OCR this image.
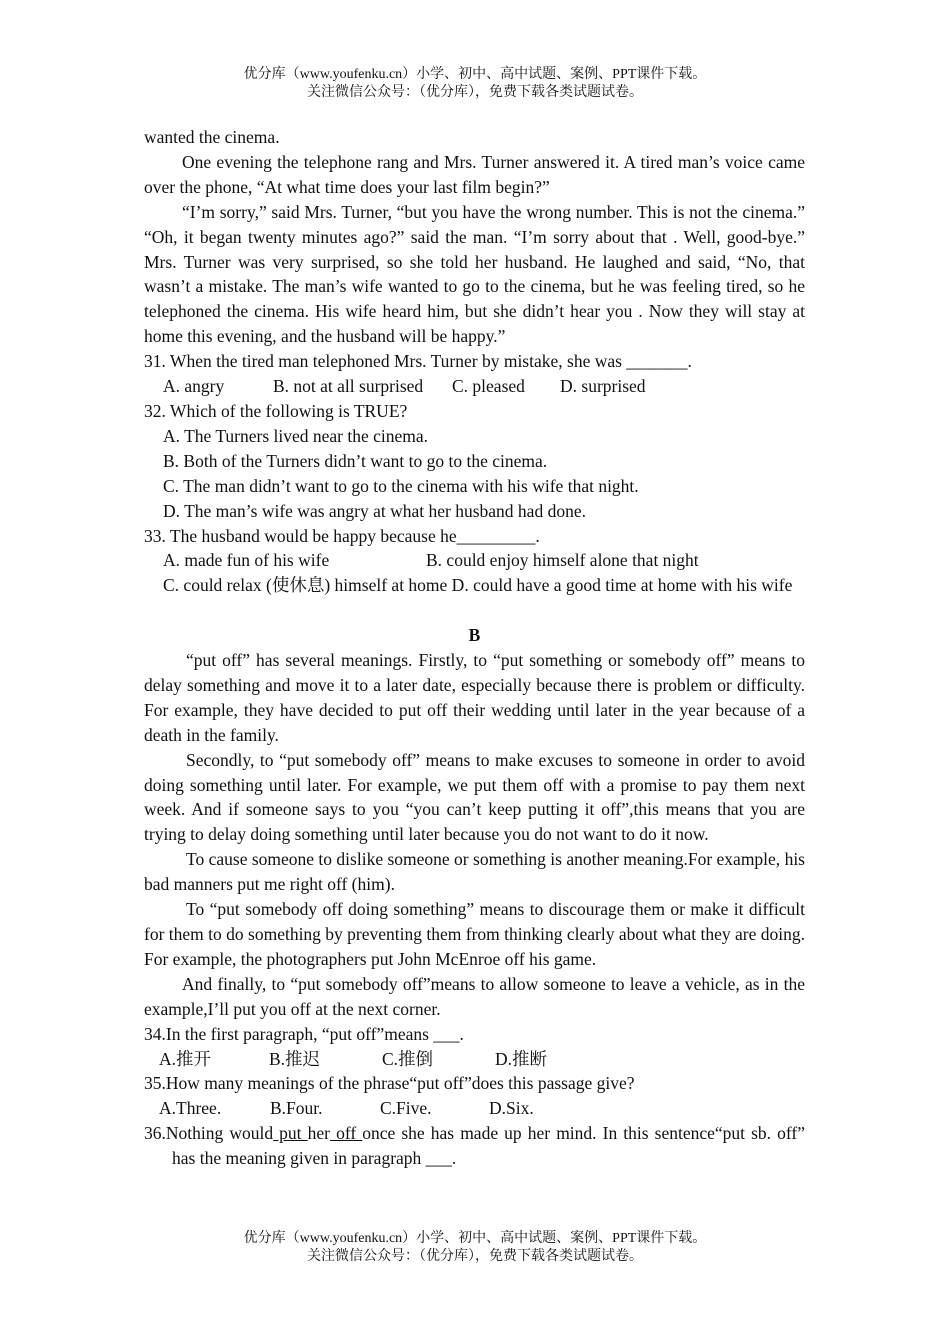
优分库（www.youfenku.cn）小学、初中、高中试题、案例、PPT课件下载。
关注微信公众号：（优分库），免费下载各类试题试卷。

wanted the cinema.

One evening the telephone rang and Mrs. Turner answered it. A tired man’s voice came over the phone, “At what time does your last film begin?”

“I’m sorry,” said Mrs. Turner, “but you have the wrong number. This is not the cinema.” “Oh, it began twenty minutes ago?” said the man. “I’m sorry about that . Well, good-bye.” Mrs. Turner was very surprised, so she told her husband. He laughed and said, “No, that wasn’t a mistake. The man’s wife wanted to go to the cinema, but he was feeling tired, so he telephoned the cinema. His wife heard him, but she didn’t hear you . Now they will stay at home this evening, and the husband will be happy.”

31. When the tired man telephoned Mrs. Turner by mistake, she was _______.

A. angry	B. not at all surprised	C. pleased	D. surprised

32. Which of the following is TRUE?

A. The Turners lived near the cinema.

B. Both of the Turners didn’t want to go to the cinema.

C. The man didn’t want to go to the cinema with his wife that night.

D. The man’s wife was angry at what her husband had done.

33. The husband would be happy because he_________.

A. made fun of his wife	B. could enjoy himself alone that night

C. could relax (使休息) himself at home D. could have a good time at home with his wife

B

“put off” has several meanings. Firstly, to “put something or somebody off” means to delay something and move it to a later date, especially because there is problem or difficulty. For example, they have decided to put off their wedding until later in the year because of a death in the family.

Secondly, to “put somebody off” means to make excuses to someone in order to avoid doing something until later. For example, we put them off with a promise to pay them next week. And if someone says to you “you can’t keep putting it off”,this means that you are trying to delay doing something until later because you do not want to do it now.

To cause someone to dislike someone or something is another meaning.For example, his bad manners put me right off (him).

To “put somebody off doing something” means to discourage them or make it difficult for them to do something by preventing them from thinking clearly about what they are doing. For example, the photographers put John McEnroe off his game.

And finally, to “put somebody off”means to allow someone to leave a vehicle, as in the example,I’ll put you off at the next corner.

34.In the first paragraph, “put off”means ___.

A.推开	B.推迟	C.推倒	D.推断

35.How many meanings of the phrase“put off”does this passage give?

A.Three.	B.Four.	C.Five.	D.Six.

36.Nothing would put her off once she has made up her mind. In this sentence“put sb. off” has the meaning given in paragraph ___.

优分库（www.youfenku.cn）小学、初中、高中试题、案例、PPT课件下载。
关注微信公众号：（优分库），免费下载各类试题试卷。
